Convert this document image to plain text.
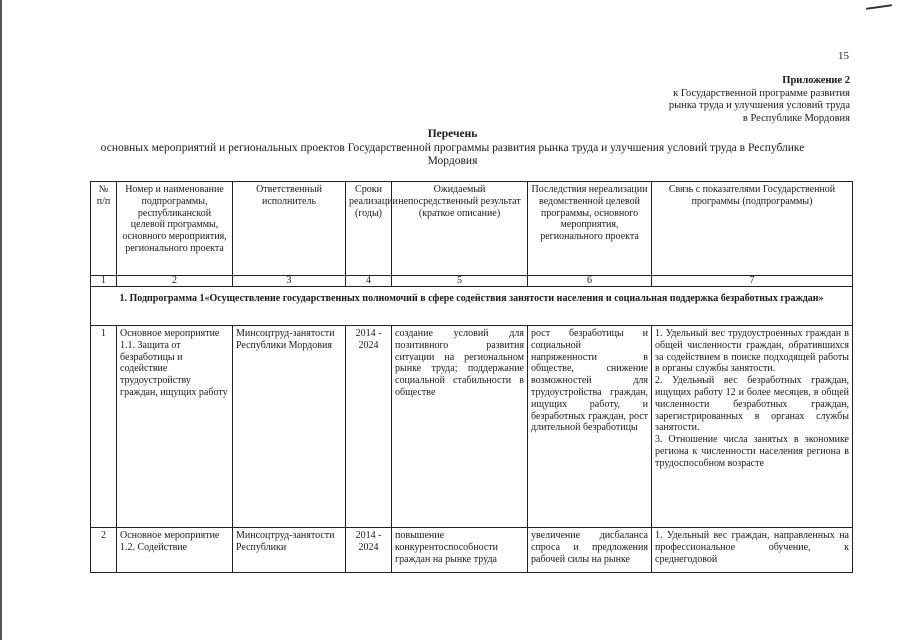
15
Приложение 2
к Государственной программе развития
рынка труда и улучшения условий труда
в Республике Мордовия
Перечень
основных мероприятий и региональных проектов Государственной программы развития рынка труда и улучшения условий труда в Республике Мордовия
№ п/п	Номер и наименование подпрограммы, республиканской целевой программы, основного мероприятия, регионального проекта	Ответственный исполнитель	Сроки реализации (годы)	Ожидаемый непосредственный результат (краткое описание)	Последствия нереализации ведомственной целевой программы, основного мероприятия, регионального проекта	Связь с показателями Государственной программы (подпрограммы)
1	2	3	4	5	6	7
1. Подпрограмма 1«Осуществление государственных полномочий в сфере содействия занятости населения и социальная поддержка безработных граждан»						
1	Основное мероприятие 1.1. Защита от безработицы и содействие трудоустройству граждан, ищущих работу	Минсоцтруд-занятости Республики Мордовия	2014 - 2024	создание условий для позитивного развития ситуации на региональном рынке труда; поддержание социальной стабильности в обществе	рост безработицы и социальной напряженности в обществе, снижение возможностей для трудоустройства граждан, ищущих работу, и безработных граждан, рост длительной безработицы	1. Удельный вес трудоустроенных граждан в общей численности граждан, обратившихся за содействием в поиске подходящей работы в органы службы занятости.
2. Удельный вес безработных граждан, ищущих работу 12 и более месяцев, в общей численности безработных граждан, зарегистрированных в органах службы занятости.
3. Отношение числа занятых в экономике региона к численности населения региона в трудоспособном возрасте

2	Основное мероприятие 1.2. Содействие	Минсоцтруд-занятости Республики	2014 - 2024	повышение конкурентоспособности граждан на рынке труда	увеличение дисбаланса спроса и предложения рабочей силы на рынке	1. Удельный вес граждан, направленных на профессиональное обучение, к среднегодовой
